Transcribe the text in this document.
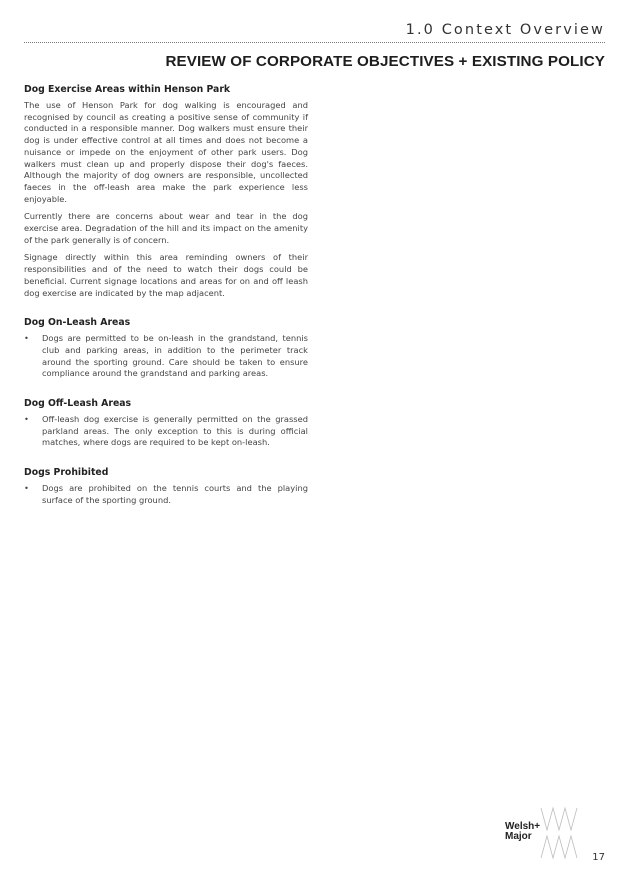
1.0 Context Overview
REVIEW OF CORPORATE OBJECTIVES + EXISTING POLICY
Dog Exercise Areas within Henson Park

The use of Henson Park for dog walking is encouraged and recognised by council as creating a positive sense of community if conducted in a responsible manner. Dog walkers must ensure their dog is under effective control at all times and does not become a nuisance or impede on the enjoyment of other park users. Dog walkers must clean up and properly dispose their dog's faeces. Although the majority of dog owners are responsible, uncollected faeces in the off-leash area make the park experience less enjoyable.

Currently there are concerns about wear and tear in the dog exercise area. Degradation of the hill and its impact on the amenity of the park generally is of concern.

Signage directly within this area reminding owners of their responsibilities and of the need to watch their dogs could be beneficial. Current signage locations and areas for on and off leash dog exercise are indicated by the map adjacent.

Dog On-Leash Areas
•	Dogs are permitted to be on-leash in the grandstand, tennis club and parking areas, in addition to the perimeter track around the sporting ground. Care should be taken to ensure compliance around the grandstand and parking areas.
Dog Off-Leash Areas
•	Off-leash dog exercise is generally permitted on the grassed parkland areas. The only exception to this is during official matches, where dogs are required to be kept on-leash.
Dogs Prohibited
•	Dogs are prohibited on the tennis courts and the playing surface of the sporting ground.
Welsh+
Major
17
